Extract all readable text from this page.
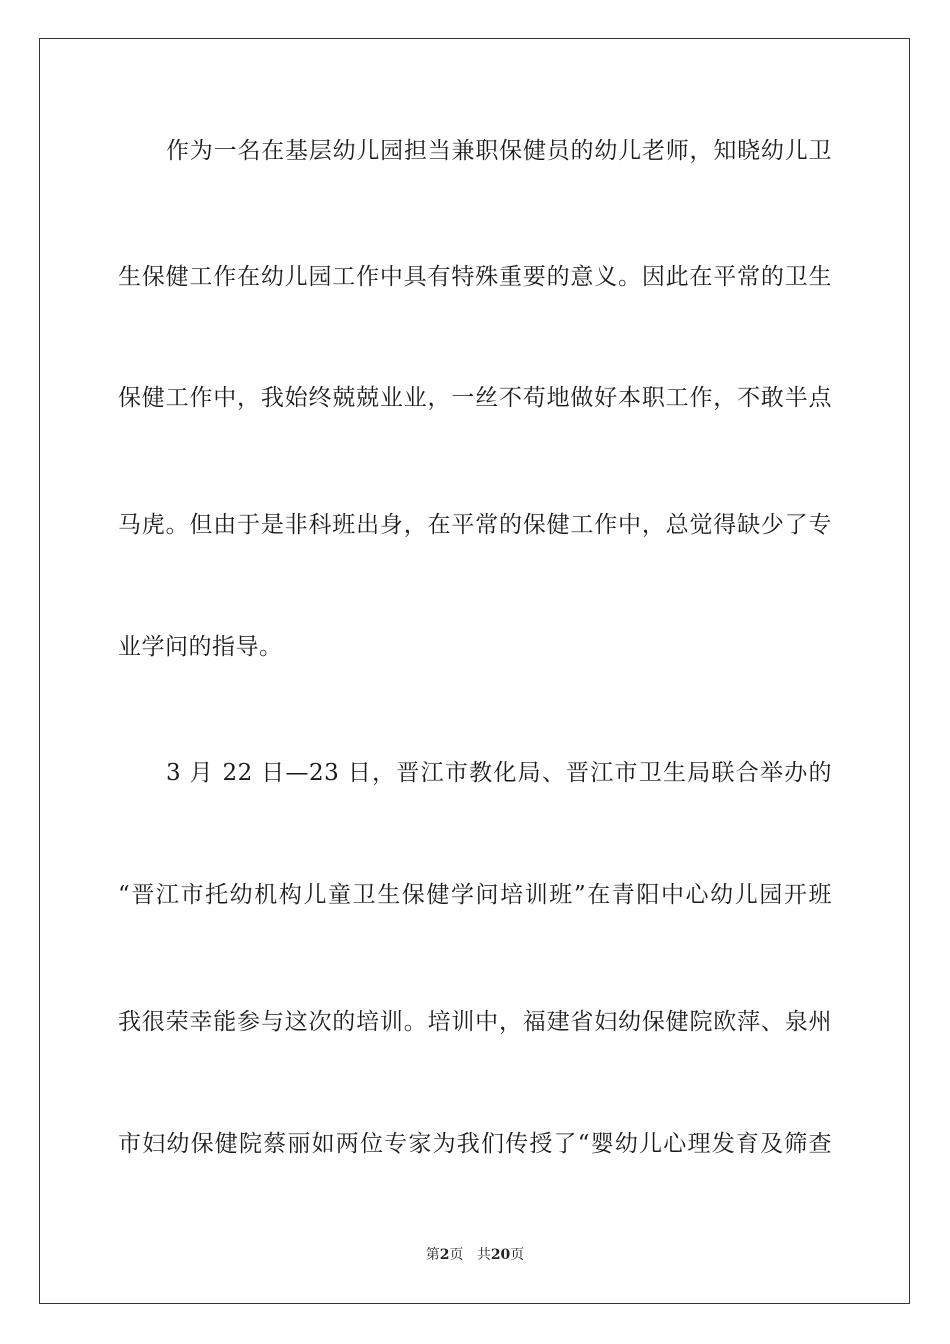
作为一名在基层幼儿园担当兼职保健员的幼儿老师，知晓幼儿卫
生保健工作在幼儿园工作中具有特殊重要的意义。因此在平常的卫生
保健工作中，我始终兢兢业业，一丝不苟地做好本职工作，不敢半点
马虎。但由于是非科班出身，在平常的保健工作中，总觉得缺少了专
业学问的指导。
3 月 22 日—23 日，晋江市教化局、晋江市卫生局联合举办的
“晋江市托幼机构儿童卫生保健学问培训班”在青阳中心幼儿园开班
我很荣幸能参与这次的培训。培训中，福建省妇幼保健院欧萍、泉州
市妇幼保健院蔡丽如两位专家为我们传授了“婴幼儿心理发育及筛查
第2页 共20页
